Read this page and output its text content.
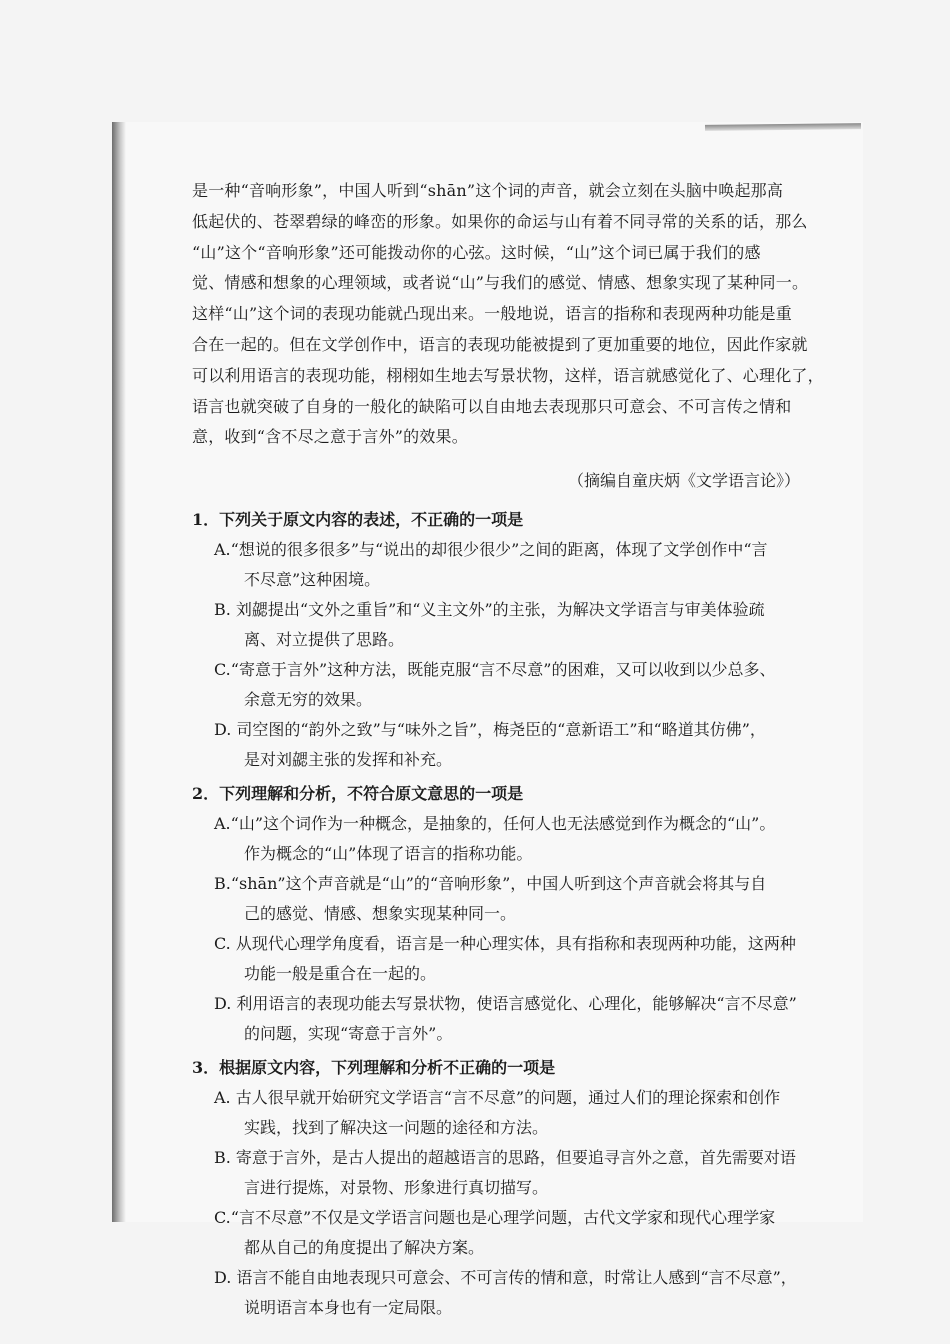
是一种“音响形象”，中国人听到“shān”这个词的声音，就会立刻在头脑中唤起那高

低起伏的、苍翠碧绿的峰峦的形象。如果你的命运与山有着不同寻常的关系的话，那么

“山”这个“音响形象”还可能拨动你的心弦。这时候，“山”这个词已属于我们的感

觉、情感和想象的心理领域，或者说“山”与我们的感觉、情感、想象实现了某种同一。

这样“山”这个词的表现功能就凸现出来。一般地说，语言的指称和表现两种功能是重

合在一起的。但在文学创作中，语言的表现功能被提到了更加重要的地位，因此作家就

可以利用语言的表现功能，栩栩如生地去写景状物，这样，语言就感觉化了、心理化了，

语言也就突破了自身的一般化的缺陷可以自由地去表现那只可意会、不可言传之情和

意，收到“含不尽之意于言外”的效果。

（摘编自童庆炳《文学语言论》）

1．下列关于原文内容的表述，不正确的一项是

A.“想说的很多很多”与“说出的却很少很少”之间的距离，体现了文学创作中“言

不尽意”这种困境。

B. 刘勰提出“文外之重旨”和“义主文外”的主张，为解决文学语言与审美体验疏

离、对立提供了思路。

C.“寄意于言外”这种方法，既能克服“言不尽意”的困难，又可以收到以少总多、

余意无穷的效果。

D. 司空图的“韵外之致”与“味外之旨”，梅尧臣的“意新语工”和“略道其仿佛”，

是对刘勰主张的发挥和补充。

2．下列理解和分析，不符合原文意思的一项是

A.“山”这个词作为一种概念，是抽象的，任何人也无法感觉到作为概念的“山”。

作为概念的“山”体现了语言的指称功能。

B.“shān”这个声音就是“山”的“音响形象”，中国人听到这个声音就会将其与自

己的感觉、情感、想象实现某种同一。

C. 从现代心理学角度看，语言是一种心理实体，具有指称和表现两种功能，这两种

功能一般是重合在一起的。

D. 利用语言的表现功能去写景状物，使语言感觉化、心理化，能够解决“言不尽意”

的问题，实现“寄意于言外”。

3．根据原文内容，下列理解和分析不正确的一项是

A. 古人很早就开始研究文学语言“言不尽意”的问题，通过人们的理论探索和创作

实践，找到了解决这一问题的途径和方法。

B. 寄意于言外，是古人提出的超越语言的思路，但要追寻言外之意，首先需要对语

言进行提炼，对景物、形象进行真切描写。

C.“言不尽意”不仅是文学语言问题也是心理学问题，古代文学家和现代心理学家

都从自己的角度提出了解决方案。

D. 语言不能自由地表现只可意会、不可言传的情和意，时常让人感到“言不尽意”，

说明语言本身也有一定局限。
